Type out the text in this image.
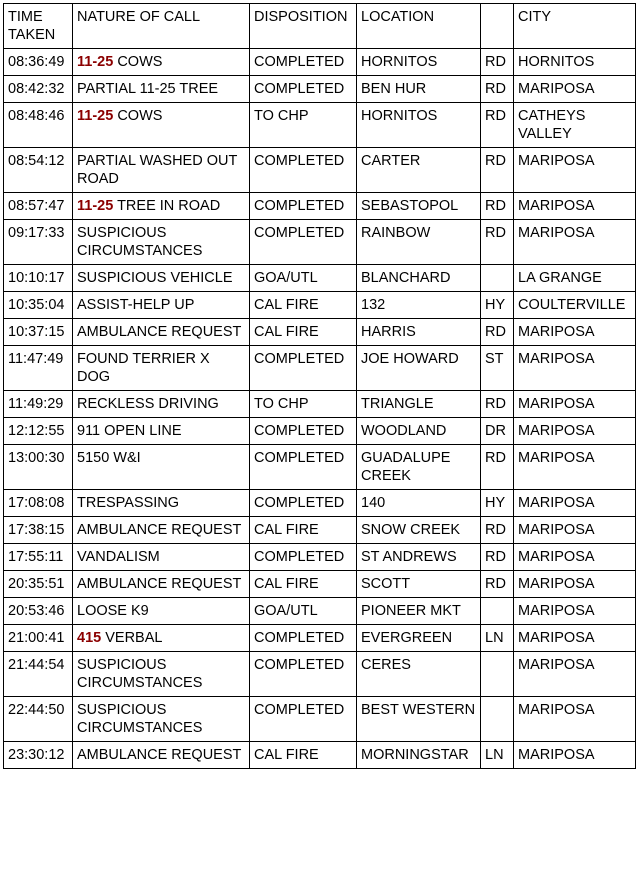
TIME TAKEN	NATURE OF CALL	DISPOSITION	LOCATION		CITY
08:36:49	11-25 COWS	COMPLETED	HORNITOS	RD	HORNITOS
08:42:32	PARTIAL 11-25 TREE	COMPLETED	BEN HUR	RD	MARIPOSA
08:48:46	11-25 COWS	TO CHP	HORNITOS	RD	CATHEYS VALLEY
08:54:12	PARTIAL WASHED OUT ROAD	COMPLETED	CARTER	RD	MARIPOSA
08:57:47	11-25 TREE IN ROAD	COMPLETED	SEBASTOPOL	RD	MARIPOSA
09:17:33	SUSPICIOUS CIRCUMSTANCES	COMPLETED	RAINBOW	RD	MARIPOSA
10:10:17	SUSPICIOUS VEHICLE	GOA/UTL	BLANCHARD		LA GRANGE
10:35:04	ASSIST-HELP UP	CAL FIRE	132	HY	COULTERVILLE
10:37:15	AMBULANCE REQUEST	CAL FIRE	HARRIS	RD	MARIPOSA
11:47:49	FOUND TERRIER X DOG	COMPLETED	JOE HOWARD	ST	MARIPOSA
11:49:29	RECKLESS DRIVING	TO CHP	TRIANGLE	RD	MARIPOSA
12:12:55	911 OPEN LINE	COMPLETED	WOODLAND	DR	MARIPOSA
13:00:30	5150 W&I	COMPLETED	GUADALUPE CREEK	RD	MARIPOSA
17:08:08	TRESPASSING	COMPLETED	140	HY	MARIPOSA
17:38:15	AMBULANCE REQUEST	CAL FIRE	SNOW CREEK	RD	MARIPOSA
17:55:11	VANDALISM	COMPLETED	ST ANDREWS	RD	MARIPOSA
20:35:51	AMBULANCE REQUEST	CAL FIRE	SCOTT	RD	MARIPOSA
20:53:46	LOOSE K9	GOA/UTL	PIONEER MKT		MARIPOSA
21:00:41	415 VERBAL	COMPLETED	EVERGREEN	LN	MARIPOSA
21:44:54	SUSPICIOUS CIRCUMSTANCES	COMPLETED	CERES		MARIPOSA
22:44:50	SUSPICIOUS CIRCUMSTANCES	COMPLETED	BEST WESTERN		MARIPOSA
23:30:12	AMBULANCE REQUEST	CAL FIRE	MORNINGSTAR	LN	MARIPOSA
